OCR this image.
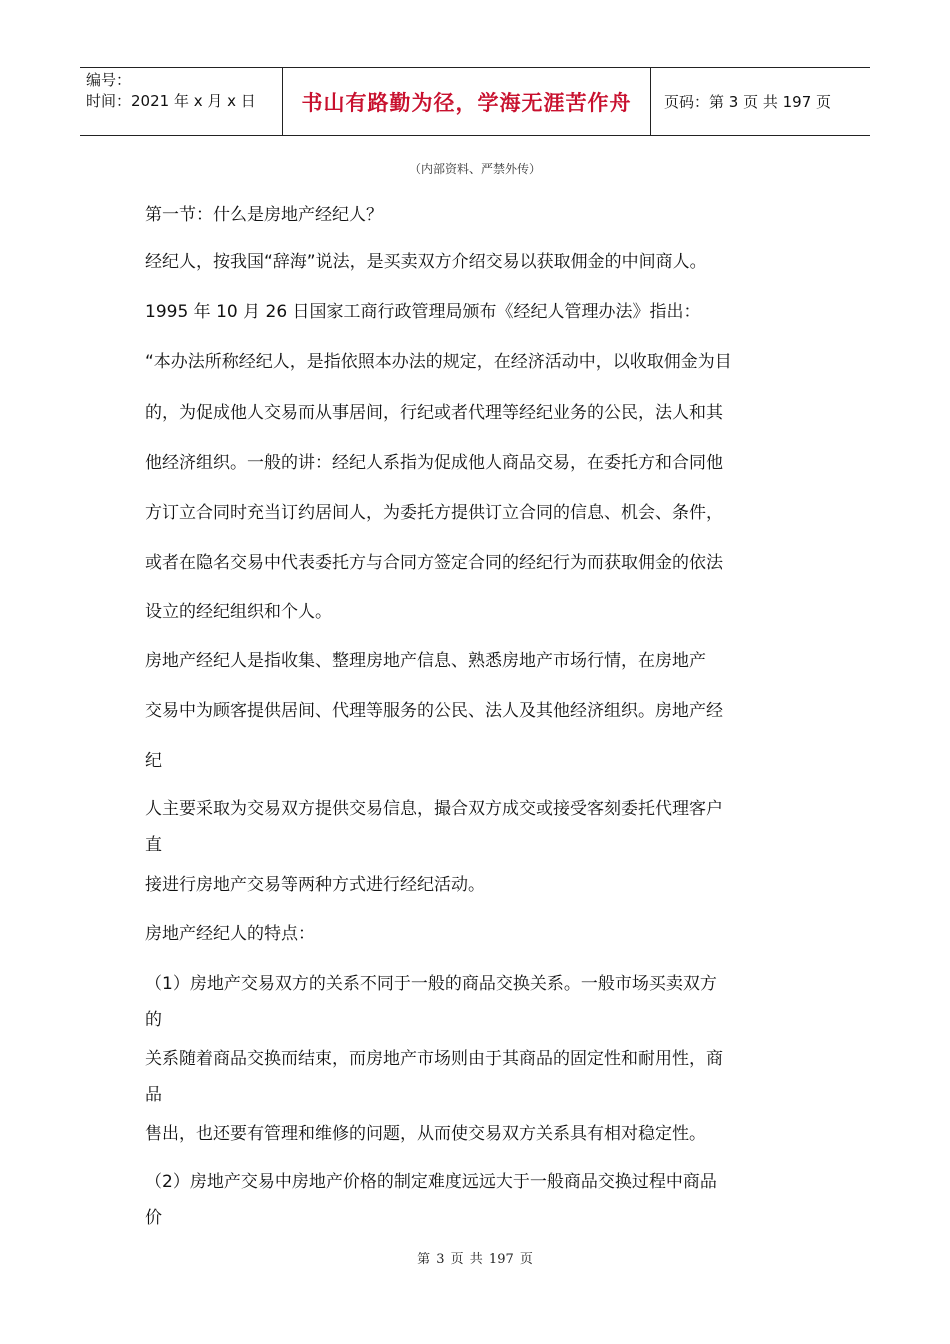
编号：
时间：2021 年 x 月 x 日	书山有路勤为径，学海无涯苦作舟	页码：第 3 页 共 197 页
（内部资料、严禁外传）

第一节：什么是房地产经纪人？

经纪人，按我国“辞海”说法，是买卖双方介绍交易以获取佣金的中间商人。

1995 年 10 月 26 日国家工商行政管理局颁布《经纪人管理办法》指出：

“本办法所称经纪人，是指依照本办法的规定，在经济活动中，以收取佣金为目

的，为促成他人交易而从事居间，行纪或者代理等经纪业务的公民，法人和其

他经济组织。一般的讲：经纪人系指为促成他人商品交易，在委托方和合同他

方订立合同时充当订约居间人，为委托方提供订立合同的信息、机会、条件，

或者在隐名交易中代表委托方与合同方签定合同的经纪行为而获取佣金的依法

设立的经纪组织和个人。

房地产经纪人是指收集、整理房地产信息、熟悉房地产市场行情，在房地产

交易中为顾客提供居间、代理等服务的公民、法人及其他经济组织。房地产经

纪

人主要采取为交易双方提供交易信息，撮合双方成交或接受客刻委托代理客户

直

接进行房地产交易等两种方式进行经纪活动。

房地产经纪人的特点：

（1）房地产交易双方的关系不同于一般的商品交换关系。一般市场买卖双方

的

关系随着商品交换而结束，而房地产市场则由于其商品的固定性和耐用性，商

品

售出，也还要有管理和维修的问题，从而使交易双方关系具有相对稳定性。

（2）房地产交易中房地产价格的制定难度远远大于一般商品交换过程中商品

价

第 3 页 共 197 页
